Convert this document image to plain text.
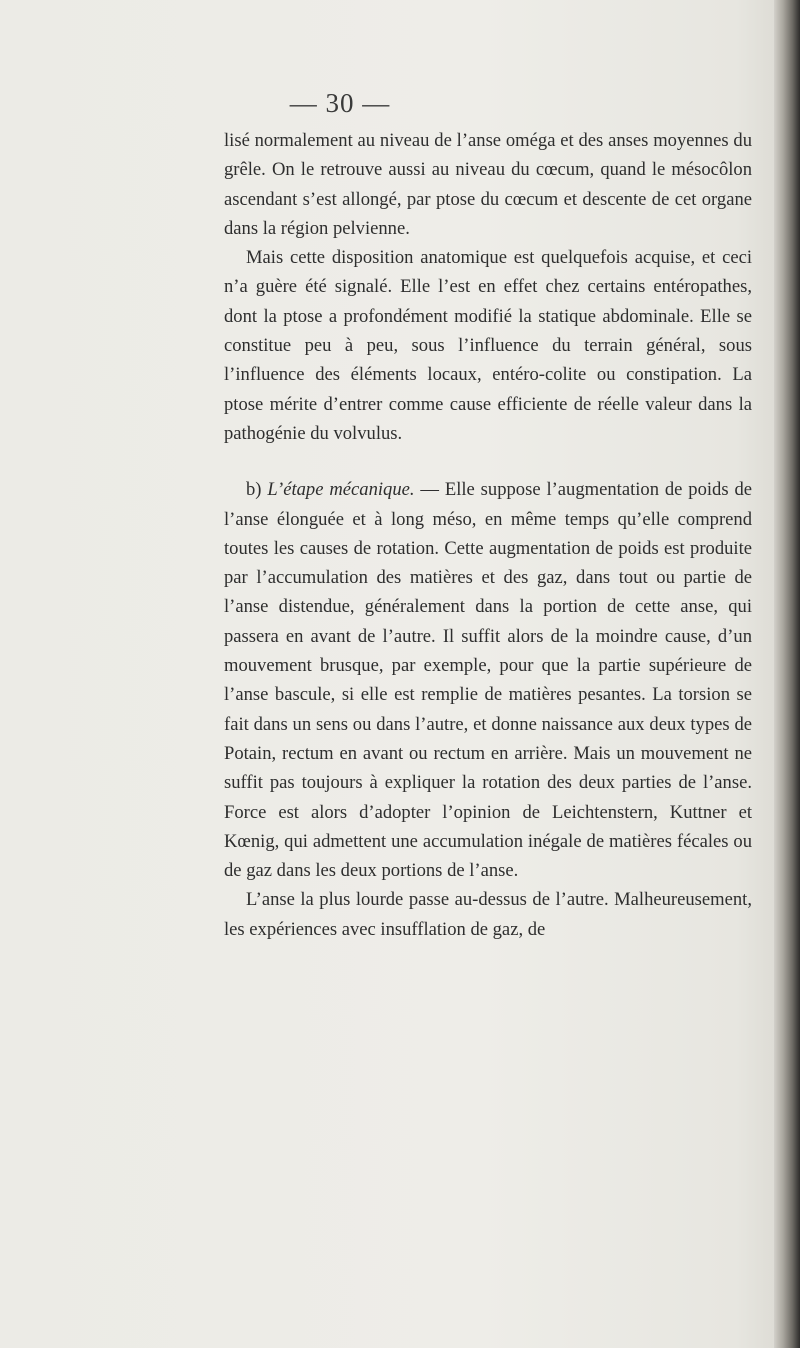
— 30 —

lisé normalement au niveau de l’anse oméga et des anses moyennes du grêle. On le retrouve aussi au niveau du cœcum, quand le mésocôlon ascendant s’est allongé, par ptose du cœcum et descente de cet organe dans la région pelvienne.

Mais cette disposition anatomique est quelquefois acquise, et ceci n’a guère été signalé. Elle l’est en effet chez certains entéropathes, dont la ptose a profondément modifié la statique abdominale. Elle se constitue peu à peu, sous l’influence du terrain général, sous l’influence des éléments locaux, entéro-colite ou constipation. La ptose mérite d’entrer comme cause efficiente de réelle valeur dans la pathogénie du volvulus.

b) L’étape mécanique. — Elle suppose l’augmentation de poids de l’anse élonguée et à long méso, en même temps qu’elle comprend toutes les causes de rotation. Cette augmentation de poids est produite par l’accumulation des matières et des gaz, dans tout ou partie de l’anse distendue, généralement dans la portion de cette anse, qui passera en avant de l’autre. Il suffit alors de la moindre cause, d’un mouvement brusque, par exemple, pour que la partie supérieure de l’anse bascule, si elle est remplie de matières pesantes. La torsion se fait dans un sens ou dans l’autre, et donne naissance aux deux types de Potain, rectum en avant ou rectum en arrière. Mais un mouvement ne suffit pas toujours à expliquer la rotation des deux parties de l’anse. Force est alors d’adopter l’opinion de Leichtenstern, Kuttner et Kœnig, qui admettent une accumulation inégale de matières fécales ou de gaz dans les deux portions de l’anse.

L’anse la plus lourde passe au-dessus de l’autre. Malheureusement, les expériences avec insufflation de gaz, de
